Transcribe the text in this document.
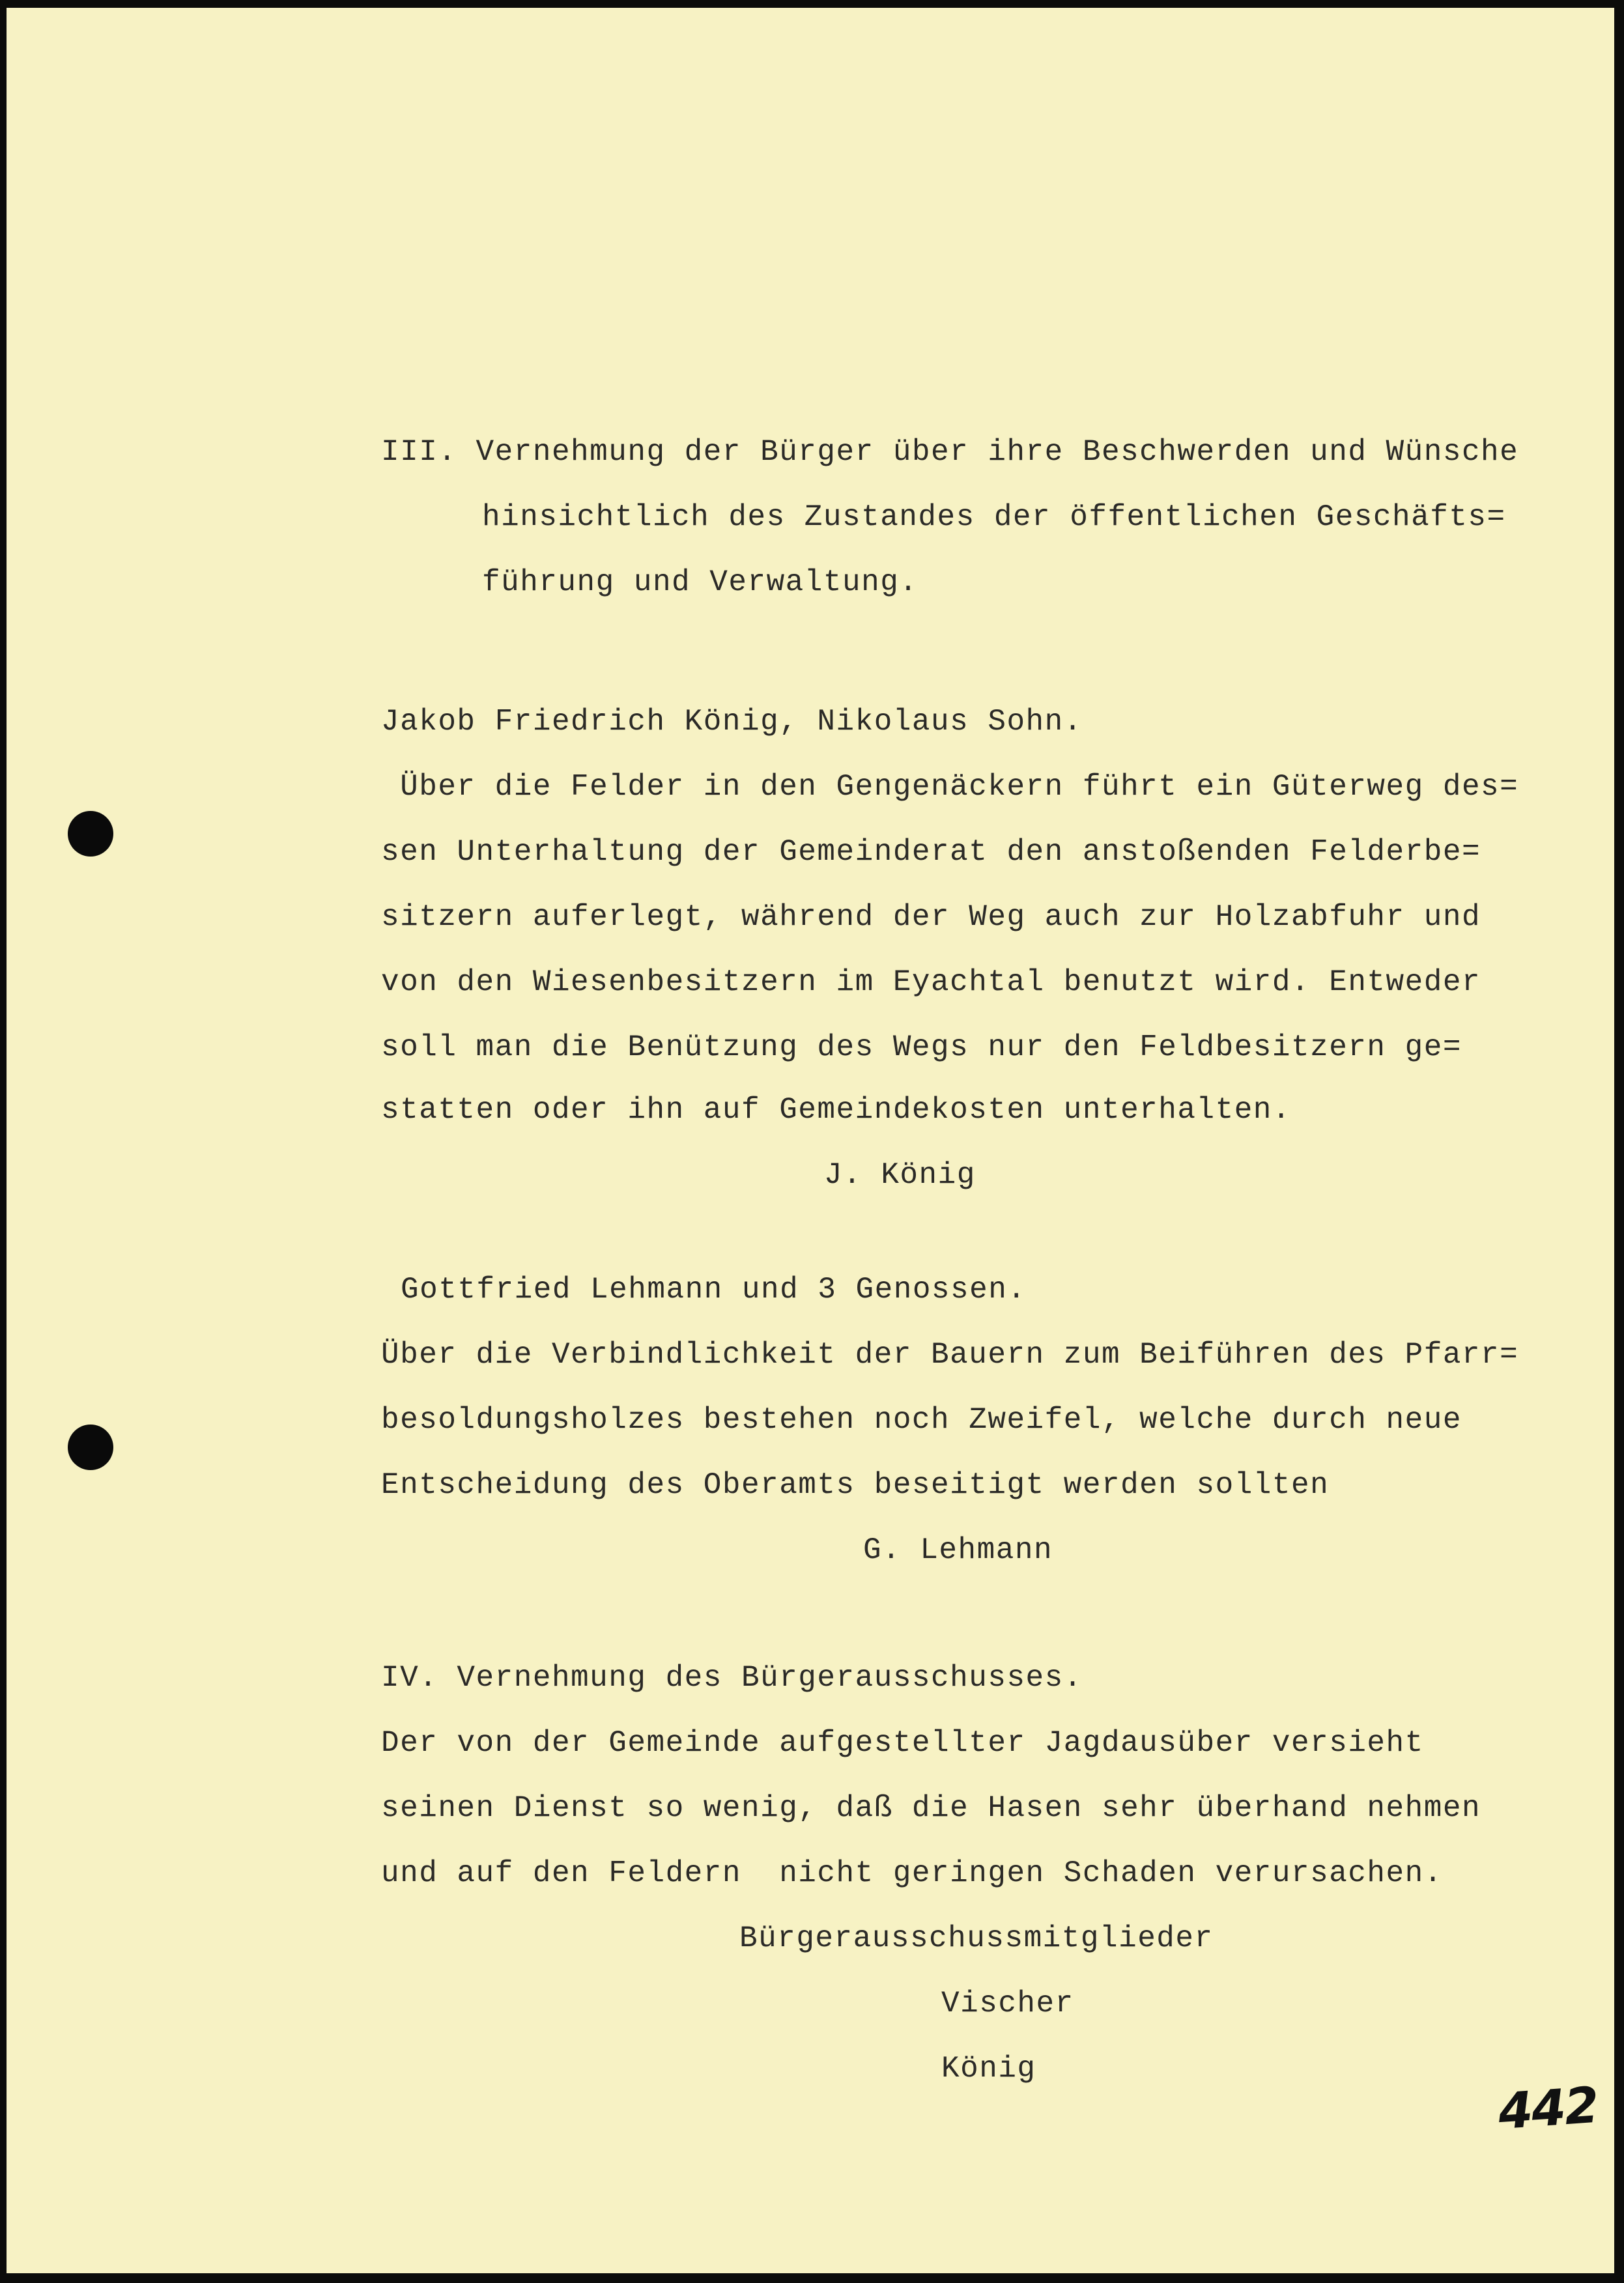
III. Vernehmung der Bürger über ihre Beschwerden und Wünsche
hinsichtlich des Zustandes der öffentlichen Geschäfts=
führung und Verwaltung.
Jakob Friedrich König, Nikolaus Sohn.
Über die Felder in den Gengenäckern führt ein Güterweg des=
sen Unterhaltung der Gemeinderat den anstoßenden Felderbe=
sitzern auferlegt, während der Weg auch zur Holzabfuhr und
von den Wiesenbesitzern im Eyachtal benutzt wird. Entweder
soll man die Benützung des Wegs nur den Feldbesitzern ge=
statten oder ihn auf Gemeindekosten unterhalten.
J. König
Gottfried Lehmann und 3 Genossen.
Über die Verbindlichkeit der Bauern zum Beiführen des Pfarr=
besoldungsholzes bestehen noch Zweifel, welche durch neue
Entscheidung des Oberamts beseitigt werden sollten
G. Lehmann
IV. Vernehmung des Bürgerausschusses.
Der von der Gemeinde aufgestellter Jagdausüber versieht
seinen Dienst so wenig, daß die Hasen sehr überhand nehmen
und auf den Feldern  nicht geringen Schaden verursachen.
Bürgerausschussmitglieder
Vischer
König
442
